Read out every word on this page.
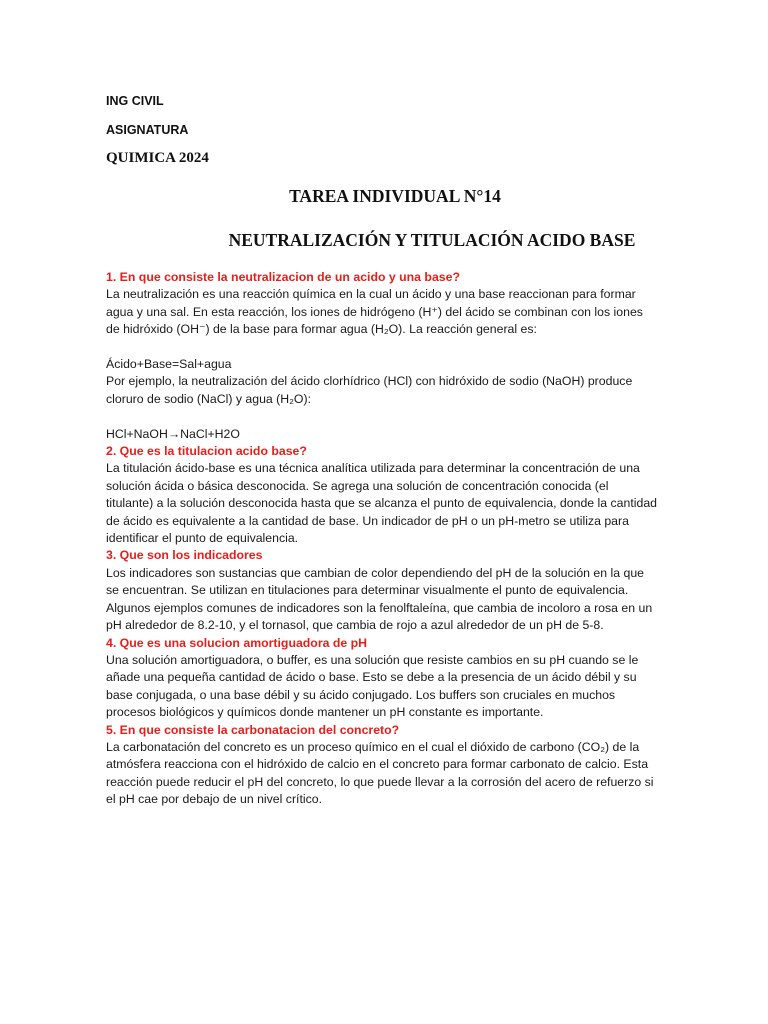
ING CIVIL
ASIGNATURA
QUIMICA 2024
TAREA INDIVIDUAL N°14
NEUTRALIZACIÓN Y TITULACIÓN ACIDO BASE

1. En que consiste la neutralizacion de un acido y una base?

La neutralización es una reacción química en la cual un ácido y una base reaccionan para formar agua y una sal. En esta reacción, los iones de hidrógeno (H⁺) del ácido se combinan con los iones de hidróxido (OH⁻) de la base para formar agua (H₂O). La reacción general es:

Ácido+Base=Sal+agua

Por ejemplo, la neutralización del ácido clorhídrico (HCl) con hidróxido de sodio (NaOH) produce cloruro de sodio (NaCl) y agua (H₂O):

HCl+NaOH→NaCl+H2O

2. Que es la titulacion acido base?

La titulación ácido-base es una técnica analítica utilizada para determinar la concentración de una solución ácida o básica desconocida. Se agrega una solución de concentración conocida (el titulante) a la solución desconocida hasta que se alcanza el punto de equivalencia, donde la cantidad de ácido es equivalente a la cantidad de base. Un indicador de pH o un pH-metro se utiliza para identificar el punto de equivalencia.

3. Que son los indicadores

Los indicadores son sustancias que cambian de color dependiendo del pH de la solución en la que se encuentran. Se utilizan en titulaciones para determinar visualmente el punto de equivalencia. Algunos ejemplos comunes de indicadores son la fenolftaleína, que cambia de incoloro a rosa en un pH alrededor de 8.2-10, y el tornasol, que cambia de rojo a azul alrededor de un pH de 5-8.

4. Que es una solucion amortiguadora de pH

Una solución amortiguadora, o buffer, es una solución que resiste cambios en su pH cuando se le añade una pequeña cantidad de ácido o base. Esto se debe a la presencia de un ácido débil y su base conjugada, o una base débil y su ácido conjugado. Los buffers son cruciales en muchos procesos biológicos y químicos donde mantener un pH constante es importante.

5. En que consiste la carbonatacion del concreto?

La carbonatación del concreto es un proceso químico en el cual el dióxido de carbono (CO₂) de la atmósfera reacciona con el hidróxido de calcio en el concreto para formar carbonato de calcio. Esta reacción puede reducir el pH del concreto, lo que puede llevar a la corrosión del acero de refuerzo si el pH cae por debajo de un nivel crítico.
